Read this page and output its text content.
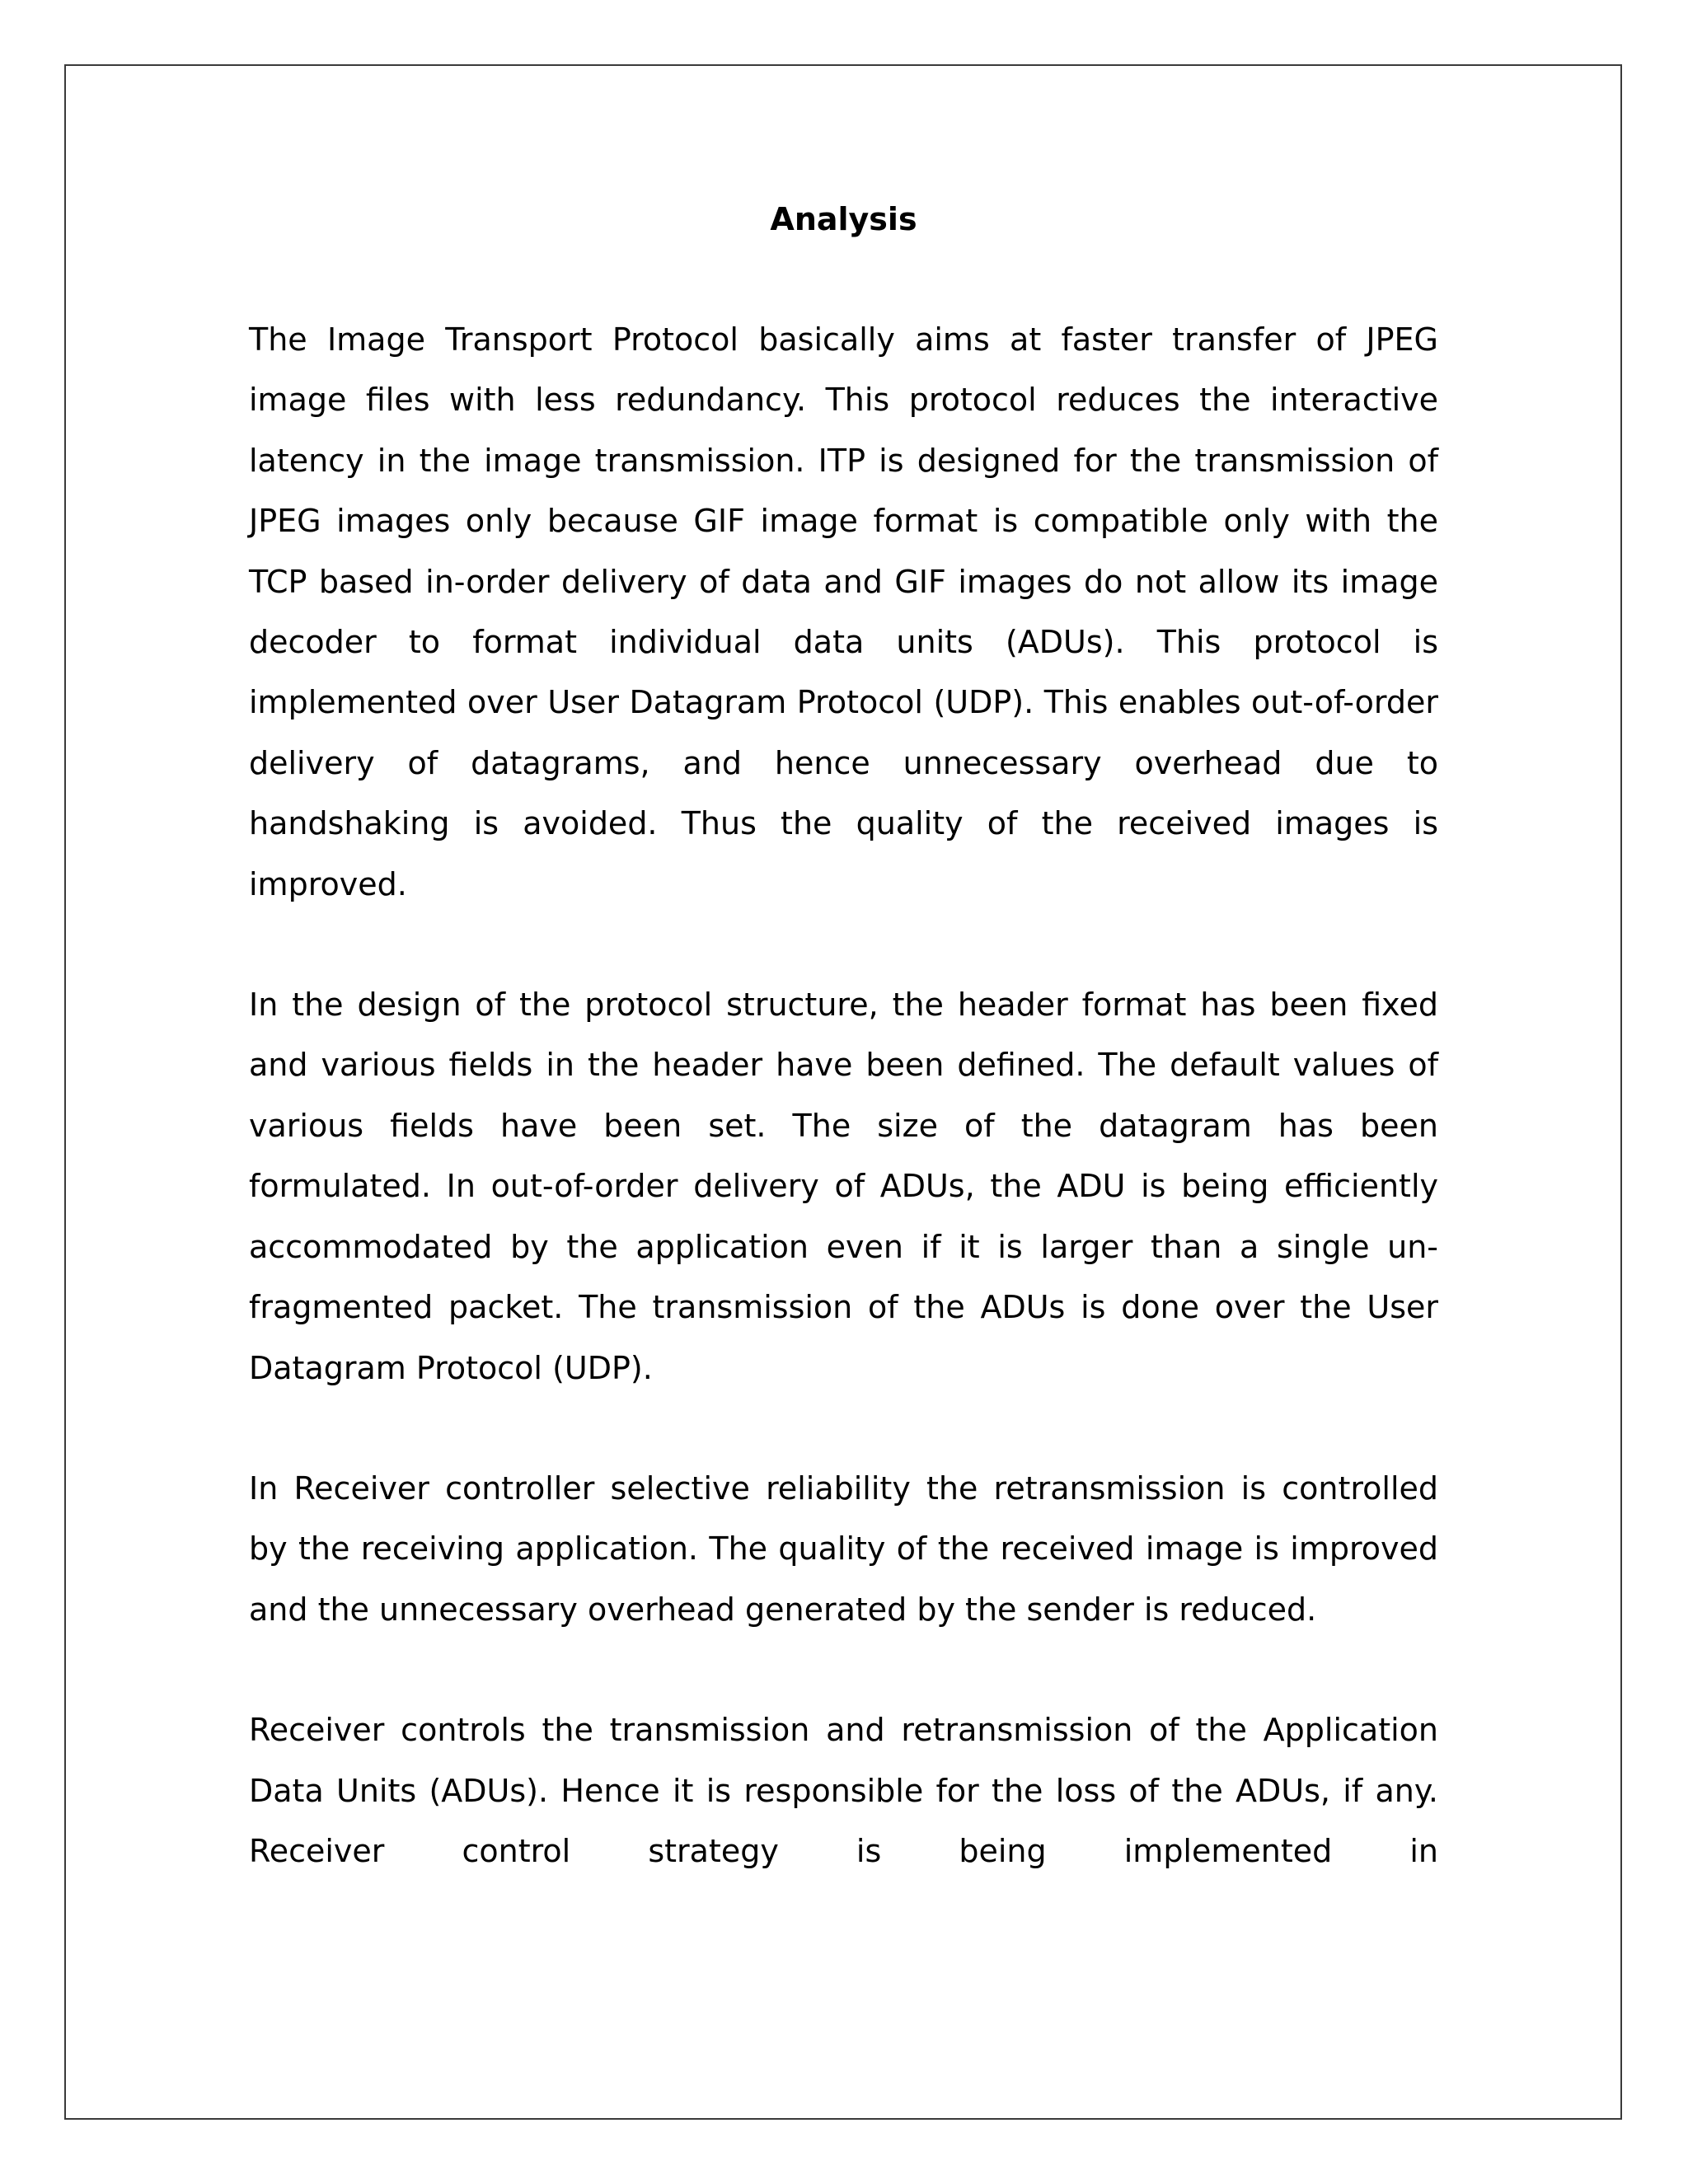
Analysis

The Image Transport Protocol basically aims at faster transfer of JPEG image files with less redundancy. This protocol reduces the interactive latency in the image transmission. ITP is designed for the transmission of JPEG images only because GIF image format is compatible only with the TCP based in-order delivery of data and GIF images do not allow its image decoder to format individual data units (ADUs). This protocol is implemented over User Datagram Protocol (UDP). This enables out-of-order delivery of datagrams, and hence unnecessary overhead due to handshaking is avoided. Thus the quality of the received images is improved.

In the design of the protocol structure, the header format has been fixed and various fields in the header have been defined. The default values of various fields have been set. The size of the datagram has been formulated. In out-of-order delivery of ADUs, the ADU is being efficiently accommodated by the application even if it is larger than a single un-fragmented packet. The transmission of the ADUs is done over the User Datagram Protocol (UDP).

In Receiver controller selective reliability the retransmission is controlled by the receiving application. The quality of the received image is improved and the unnecessary overhead generated by the sender is reduced.

Receiver controls the transmission and retransmission of the Application Data Units (ADUs). Hence it is responsible for the loss of the ADUs, if any. Receiver control strategy is being implemented in
